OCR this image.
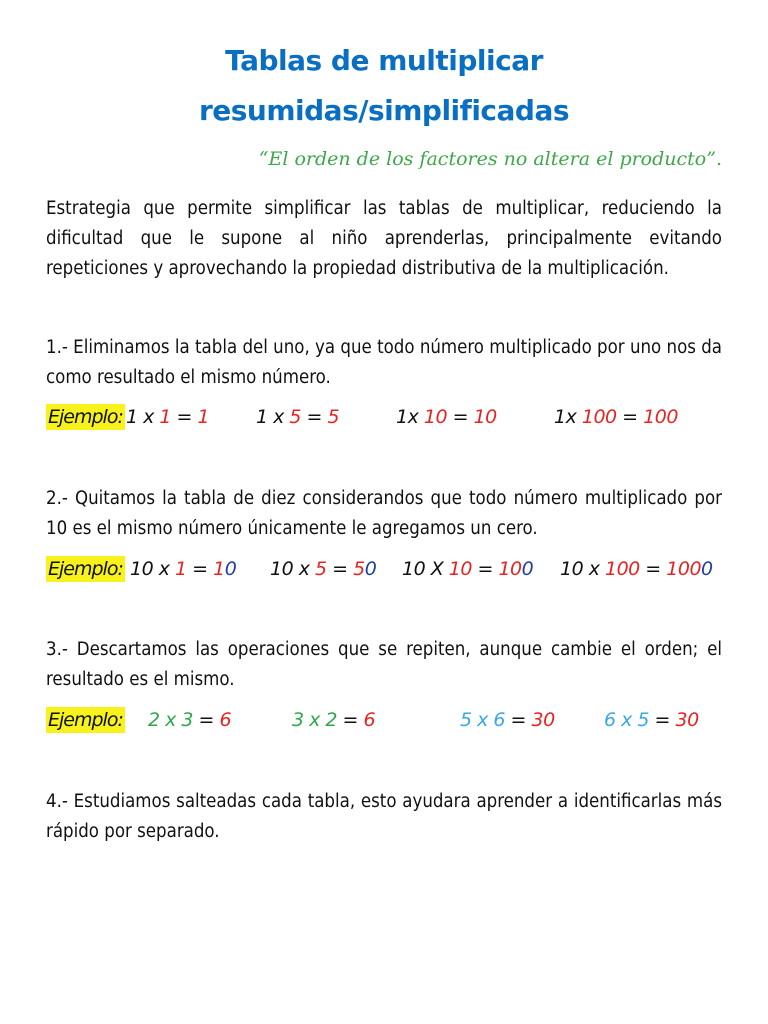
Tablas de multiplicar
resumidas/simplificadas
“El orden de los factores no altera el producto”.
Estrategia que permite simplificar las tablas de multiplicar, reduciendo la dificultad que le supone al niño aprenderlas, principalmente evitando repeticiones y aprovechando la propiedad distributiva de la multiplicación.
1.- Eliminamos la tabla del uno, ya que todo número multiplicado por uno nos da como resultado el mismo número.
Ejemplo: 1 x 1 = 1 1 x 5 = 5	1x 10 = 10	1x 100 = 100
2.- Quitamos la tabla de diez considerandos que todo número multiplicado por 10 es el mismo número únicamente le agregamos un cero.
Ejemplo: 10 x 1 = 10 10 x 5 = 50 10 X 10 = 100 10 x 100 = 1000
3.- Descartamos las operaciones que se repiten, aunque cambie el orden; el resultado es el mismo.
Ejemplo: 2 x 3 = 6	3 x 2 = 6	5 x 6 = 30	6 x 5 = 30
4.- Estudiamos salteadas cada tabla, esto ayudara aprender a identificarlas más rápido por separado.
